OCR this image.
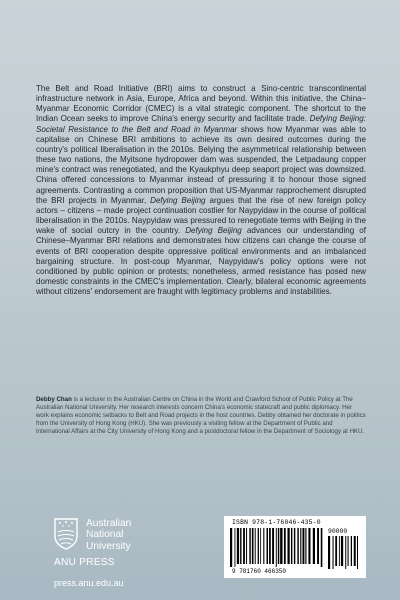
The Belt and Road Initiative (BRI) aims to construct a Sino-centric transcontinental infrastructure network in Asia, Europe, Africa and beyond. Within this initiative, the China–Myanmar Economic Corridor (CMEC) is a vital strategic component. The shortcut to the Indian Ocean seeks to improve China's energy security and facilitate trade. Defying Beijing: Societal Resistance to the Belt and Road in Myanmar shows how Myanmar was able to capitalise on Chinese BRI ambitions to achieve its own desired outcomes during the country's political liberalisation in the 2010s. Belying the asymmetrical relationship between these two nations, the Myitsone hydropower dam was suspended, the Letpadaung copper mine's contract was renegotiated, and the Kyaukphyu deep seaport project was downsized. China offered concessions to Myanmar instead of pressuring it to honour those signed agreements. Contrasting a common proposition that US-Myanmar rapprochement disrupted the BRI projects in Myanmar, Defying Beijing argues that the rise of new foreign policy actors – citizens – made project continuation costlier for Naypyidaw in the course of political liberalisation in the 2010s. Naypyidaw was pressured to renegotiate terms with Beijing in the wake of social outcry in the country. Defying Beijing advances our understanding of Chinese–Myanmar BRI relations and demonstrates how citizens can change the course of events of BRI cooperation despite oppressive political environments and an imbalanced bargaining structure. In post-coup Myanmar, Naypyidaw's policy options were not conditioned by public opinion or protests; nonetheless, armed resistance has posed new domestic constraints in the CMEC's implementation. Clearly, bilateral economic agreements without citizens' endorsement are fraught with legitimacy problems and instabilities.
Debby Chan is a lecturer in the Australian Centre on China in the World and Crawford School of Public Policy at The Australian National University. Her research interests concern China's economic statecraft and public diplomacy. Her work explains economic setbacks to Belt and Road projects in the host countries. Debby obtained her doctorate in politics from the University of Hong Kong (HKU). She was previously a visiting fellow at the Department of Public and International Affairs at the City University of Hong Kong and a postdoctoral fellow in the Department of Sociology at HKU.
Australian
National
University
ANU PRESS
press.anu.edu.au
ISBN 978-1-76046-435-0
90000
9 781760 466350
